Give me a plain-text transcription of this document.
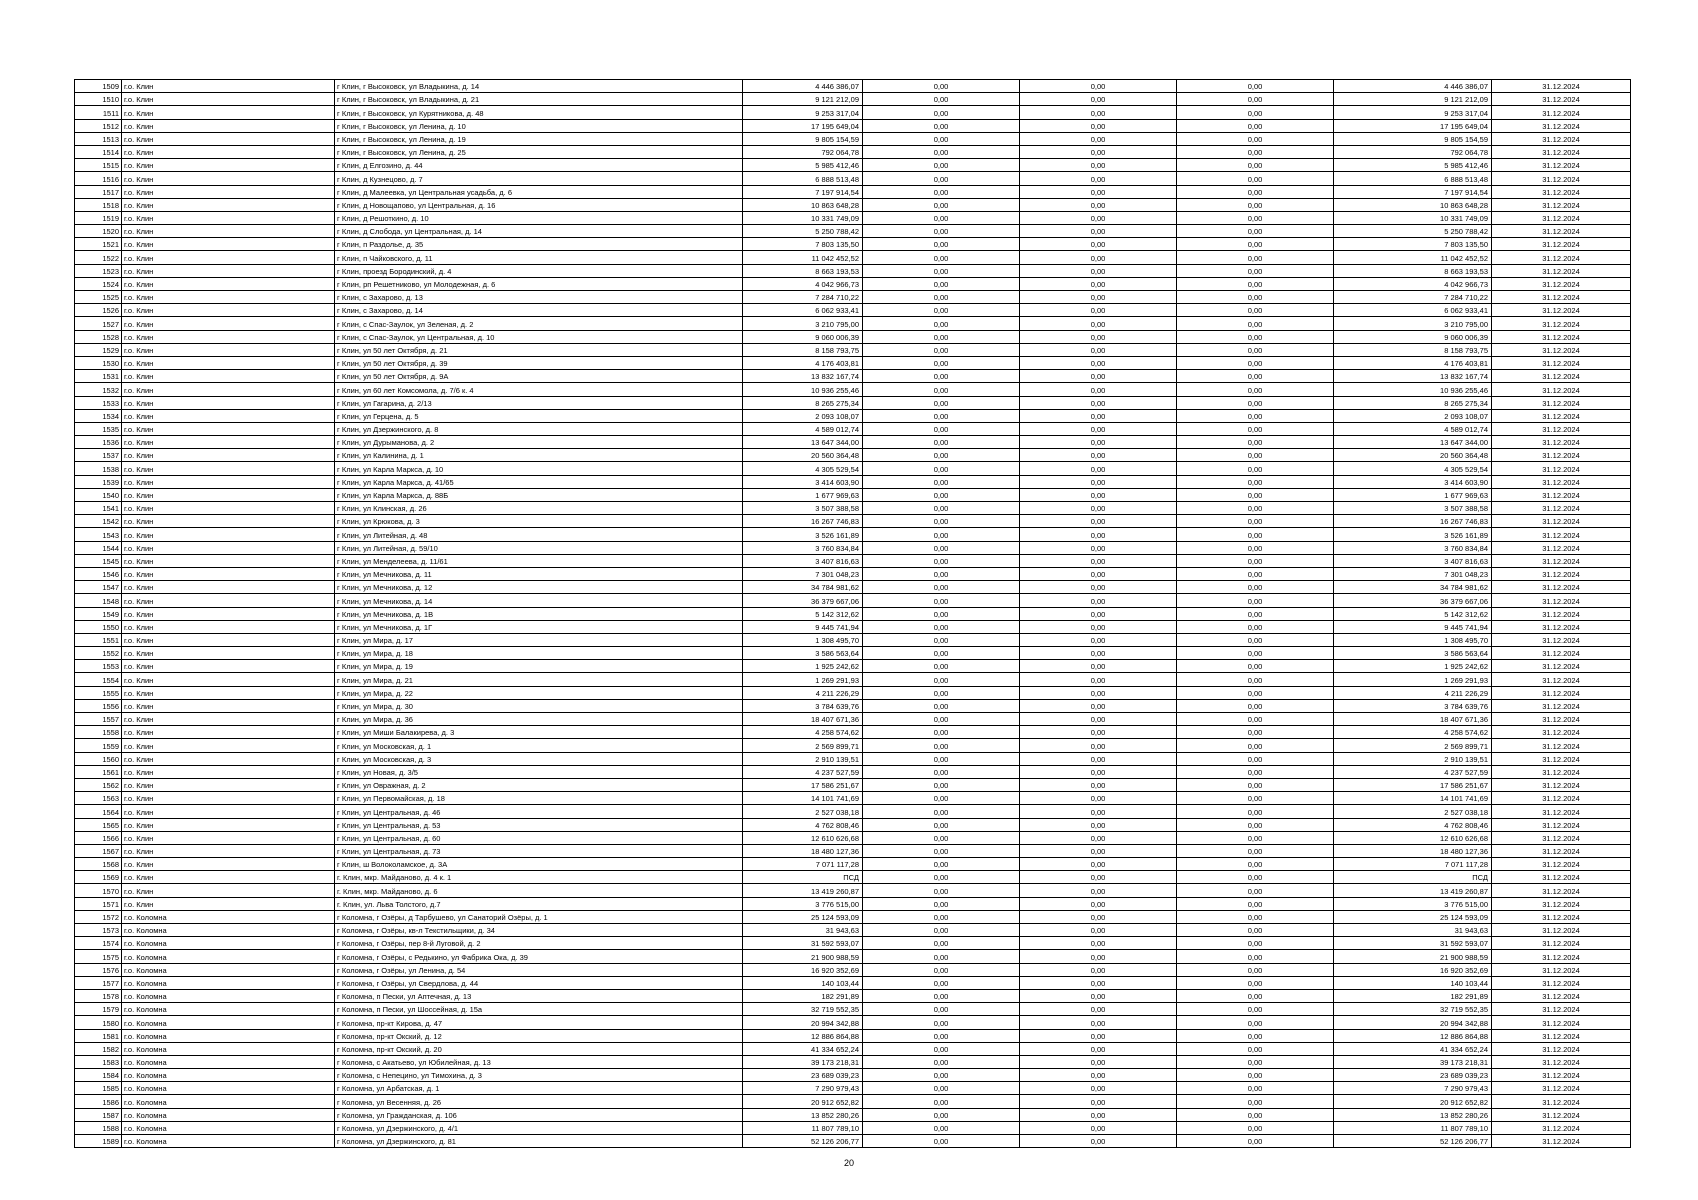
1509	г.о. Клин	г Клин, г Высоковск, ул Владыкина, д. 14	4 446 386,07	0,00	0,00	0,00	4 446 386,07	31.12.2024
1510	г.о. Клин	г Клин, г Высоковск, ул Владыкина, д. 21	9 121 212,09	0,00	0,00	0,00	9 121 212,09	31.12.2024
1511	г.о. Клин	г Клин, г Высоковск, ул Курятникова, д. 48	9 253 317,04	0,00	0,00	0,00	9 253 317,04	31.12.2024
1512	г.о. Клин	г Клин, г Высоковск, ул Ленина, д. 10	17 195 649,04	0,00	0,00	0,00	17 195 649,04	31.12.2024
1513	г.о. Клин	г Клин, г Высоковск, ул Ленина, д. 19	9 805 154,59	0,00	0,00	0,00	9 805 154,59	31.12.2024
1514	г.о. Клин	г Клин, г Высоковск, ул Ленина, д. 25	792 064,78	0,00	0,00	0,00	792 064,78	31.12.2024
1515	г.о. Клин	г Клин, д Елгозино, д. 44	5 985 412,46	0,00	0,00	0,00	5 985 412,46	31.12.2024
1516	г.о. Клин	г Клин, д Кузнецово, д. 7	6 888 513,48	0,00	0,00	0,00	6 888 513,48	31.12.2024
1517	г.о. Клин	г Клин, д Малеевка, ул Центральная усадьба, д. 6	7 197 914,54	0,00	0,00	0,00	7 197 914,54	31.12.2024
1518	г.о. Клин	г Клин, д Новощапово, ул Центральная, д. 16	10 863 648,28	0,00	0,00	0,00	10 863 648,28	31.12.2024
1519	г.о. Клин	г Клин, д Решоткино, д. 10	10 331 749,09	0,00	0,00	0,00	10 331 749,09	31.12.2024
1520	г.о. Клин	г Клин, д Слобода, ул Центральная, д. 14	5 250 788,42	0,00	0,00	0,00	5 250 788,42	31.12.2024
1521	г.о. Клин	г Клин, п Раздолье, д. 35	7 803 135,50	0,00	0,00	0,00	7 803 135,50	31.12.2024
1522	г.о. Клин	г Клин, п Чайковского, д. 11	11 042 452,52	0,00	0,00	0,00	11 042 452,52	31.12.2024
1523	г.о. Клин	г Клин, проезд Бородинский, д. 4	8 663 193,53	0,00	0,00	0,00	8 663 193,53	31.12.2024
1524	г.о. Клин	г Клин, рп Решетниково, ул Молодежная, д. 6	4 042 966,73	0,00	0,00	0,00	4 042 966,73	31.12.2024
1525	г.о. Клин	г Клин, с Захарово, д. 13	7 284 710,22	0,00	0,00	0,00	7 284 710,22	31.12.2024
1526	г.о. Клин	г Клин, с Захарово, д. 14	6 062 933,41	0,00	0,00	0,00	6 062 933,41	31.12.2024
1527	г.о. Клин	г Клин, с Спас-Заулок, ул Зеленая, д. 2	3 210 795,00	0,00	0,00	0,00	3 210 795,00	31.12.2024
1528	г.о. Клин	г Клин, с Спас-Заулок, ул Центральная, д. 10	9 060 006,39	0,00	0,00	0,00	9 060 006,39	31.12.2024
1529	г.о. Клин	г Клин, ул 50 лет Октября, д. 21	8 158 793,75	0,00	0,00	0,00	8 158 793,75	31.12.2024
1530	г.о. Клин	г Клин, ул 50 лет Октября, д. 39	4 176 403,81	0,00	0,00	0,00	4 176 403,81	31.12.2024
1531	г.о. Клин	г Клин, ул 50 лет Октября, д. 9А	13 832 167,74	0,00	0,00	0,00	13 832 167,74	31.12.2024
1532	г.о. Клин	г Клин, ул 60 лет Комсомола, д. 7/6 к. 4	10 936 255,46	0,00	0,00	0,00	10 936 255,46	31.12.2024
1533	г.о. Клин	г Клин, ул Гагарина, д. 2/13	8 265 275,34	0,00	0,00	0,00	8 265 275,34	31.12.2024
1534	г.о. Клин	г Клин, ул Герцена, д. 5	2 093 108,07	0,00	0,00	0,00	2 093 108,07	31.12.2024
1535	г.о. Клин	г Клин, ул Дзержинского, д. 8	4 589 012,74	0,00	0,00	0,00	4 589 012,74	31.12.2024
1536	г.о. Клин	г Клин, ул Дурыманова, д. 2	13 647 344,00	0,00	0,00	0,00	13 647 344,00	31.12.2024
1537	г.о. Клин	г Клин, ул Калинина, д. 1	20 560 364,48	0,00	0,00	0,00	20 560 364,48	31.12.2024
1538	г.о. Клин	г Клин, ул Карла Маркса, д. 10	4 305 529,54	0,00	0,00	0,00	4 305 529,54	31.12.2024
1539	г.о. Клин	г Клин, ул Карла Маркса, д. 41/65	3 414 603,90	0,00	0,00	0,00	3 414 603,90	31.12.2024
1540	г.о. Клин	г Клин, ул Карла Маркса, д. 88Б	1 677 969,63	0,00	0,00	0,00	1 677 969,63	31.12.2024
1541	г.о. Клин	г Клин, ул Клинская, д. 26	3 507 388,58	0,00	0,00	0,00	3 507 388,58	31.12.2024
1542	г.о. Клин	г Клин, ул Крюкова, д. 3	16 267 746,83	0,00	0,00	0,00	16 267 746,83	31.12.2024
1543	г.о. Клин	г Клин, ул Литейная, д. 48	3 526 161,89	0,00	0,00	0,00	3 526 161,89	31.12.2024
1544	г.о. Клин	г Клин, ул Литейная, д. 59/10	3 760 834,84	0,00	0,00	0,00	3 760 834,84	31.12.2024
1545	г.о. Клин	г Клин, ул Менделеева, д. 11/61	3 407 816,63	0,00	0,00	0,00	3 407 816,63	31.12.2024
1546	г.о. Клин	г Клин, ул Мечникова, д. 11	7 301 048,23	0,00	0,00	0,00	7 301 048,23	31.12.2024
1547	г.о. Клин	г Клин, ул Мечникова, д. 12	34 784 981,62	0,00	0,00	0,00	34 784 981,62	31.12.2024
1548	г.о. Клин	г Клин, ул Мечникова, д. 14	36 379 667,06	0,00	0,00	0,00	36 379 667,06	31.12.2024
1549	г.о. Клин	г Клин, ул Мечникова, д. 1В	5 142 312,62	0,00	0,00	0,00	5 142 312,62	31.12.2024
1550	г.о. Клин	г Клин, ул Мечникова, д. 1Г	9 445 741,94	0,00	0,00	0,00	9 445 741,94	31.12.2024
1551	г.о. Клин	г Клин, ул Мира, д. 17	1 308 495,70	0,00	0,00	0,00	1 308 495,70	31.12.2024
1552	г.о. Клин	г Клин, ул Мира, д. 18	3 586 563,64	0,00	0,00	0,00	3 586 563,64	31.12.2024
1553	г.о. Клин	г Клин, ул Мира, д. 19	1 925 242,62	0,00	0,00	0,00	1 925 242,62	31.12.2024
1554	г.о. Клин	г Клин, ул Мира, д. 21	1 269 291,93	0,00	0,00	0,00	1 269 291,93	31.12.2024
1555	г.о. Клин	г Клин, ул Мира, д. 22	4 211 226,29	0,00	0,00	0,00	4 211 226,29	31.12.2024
1556	г.о. Клин	г Клин, ул Мира, д. 30	3 784 639,76	0,00	0,00	0,00	3 784 639,76	31.12.2024
1557	г.о. Клин	г Клин, ул Мира, д. 36	18 407 671,36	0,00	0,00	0,00	18 407 671,36	31.12.2024
1558	г.о. Клин	г Клин, ул Миши Балакирева, д. 3	4 258 574,62	0,00	0,00	0,00	4 258 574,62	31.12.2024
1559	г.о. Клин	г Клин, ул Московская, д. 1	2 569 899,71	0,00	0,00	0,00	2 569 899,71	31.12.2024
1560	г.о. Клин	г Клин, ул Московская, д. 3	2 910 139,51	0,00	0,00	0,00	2 910 139,51	31.12.2024
1561	г.о. Клин	г Клин, ул Новая, д. 3/5	4 237 527,59	0,00	0,00	0,00	4 237 527,59	31.12.2024
1562	г.о. Клин	г Клин, ул Овражная, д. 2	17 586 251,67	0,00	0,00	0,00	17 586 251,67	31.12.2024
1563	г.о. Клин	г Клин, ул Первомайская, д. 18	14 101 741,69	0,00	0,00	0,00	14 101 741,69	31.12.2024
1564	г.о. Клин	г Клин, ул Центральная, д. 46	2 527 038,18	0,00	0,00	0,00	2 527 038,18	31.12.2024
1565	г.о. Клин	г Клин, ул Центральная, д. 53	4 762 808,46	0,00	0,00	0,00	4 762 808,46	31.12.2024
1566	г.о. Клин	г Клин, ул Центральная, д. 60	12 610 626,68	0,00	0,00	0,00	12 610 626,68	31.12.2024
1567	г.о. Клин	г Клин, ул Центральная, д. 73	18 480 127,36	0,00	0,00	0,00	18 480 127,36	31.12.2024
1568	г.о. Клин	г Клин, ш Волоколамское, д. 3А	7 071 117,28	0,00	0,00	0,00	7 071 117,28	31.12.2024
1569	г.о. Клин	г. Клин, мкр. Майданово, д. 4 к. 1	ПСД	0,00	0,00	0,00	ПСД	31.12.2024
1570	г.о. Клин	г. Клин, мкр. Майданово, д. 6	13 419 260,87	0,00	0,00	0,00	13 419 260,87	31.12.2024
1571	г.о. Клин	г. Клин, ул. Льва Толстого, д.7	3 776 515,00	0,00	0,00	0,00	3 776 515,00	31.12.2024
1572	г.о. Коломна	г Коломна, г Озёры, д Тарбушево, ул Санаторий Озёры, д. 1	25 124 593,09	0,00	0,00	0,00	25 124 593,09	31.12.2024
1573	г.о. Коломна	г Коломна, г Озёры, кв-л Текстильщики, д. 34	31 943,63	0,00	0,00	0,00	31 943,63	31.12.2024
1574	г.о. Коломна	г Коломна, г Озёры, пер 8-й Луговой, д. 2	31 592 593,07	0,00	0,00	0,00	31 592 593,07	31.12.2024
1575	г.о. Коломна	г Коломна, г Озёры, с Редькино, ул Фабрика Ока, д. 39	21 900 988,59	0,00	0,00	0,00	21 900 988,59	31.12.2024
1576	г.о. Коломна	г Коломна, г Озёры, ул Ленина, д. 54	16 920 352,69	0,00	0,00	0,00	16 920 352,69	31.12.2024
1577	г.о. Коломна	г Коломна, г Озёры, ул Свердлова, д. 44	140 103,44	0,00	0,00	0,00	140 103,44	31.12.2024
1578	г.о. Коломна	г Коломна, п Пески, ул Аптечная, д. 13	182 291,89	0,00	0,00	0,00	182 291,89	31.12.2024
1579	г.о. Коломна	г Коломна, п Пески, ул Шоссейная, д. 15а	32 719 552,35	0,00	0,00	0,00	32 719 552,35	31.12.2024
1580	г.о. Коломна	г Коломна, пр-кт Кирова, д. 47	20 994 342,88	0,00	0,00	0,00	20 994 342,88	31.12.2024
1581	г.о. Коломна	г Коломна, пр-кт Окский, д. 12	12 886 864,88	0,00	0,00	0,00	12 886 864,88	31.12.2024
1582	г.о. Коломна	г Коломна, пр-кт Окский, д. 20	41 334 652,24	0,00	0,00	0,00	41 334 652,24	31.12.2024
1583	г.о. Коломна	г Коломна, с Акатьево, ул Юбилейная, д. 13	39 173 218,31	0,00	0,00	0,00	39 173 218,31	31.12.2024
1584	г.о. Коломна	г Коломна, с Непецино, ул Тимохина, д. 3	23 689 039,23	0,00	0,00	0,00	23 689 039,23	31.12.2024
1585	г.о. Коломна	г Коломна, ул Арбатская, д. 1	7 290 979,43	0,00	0,00	0,00	7 290 979,43	31.12.2024
1586	г.о. Коломна	г Коломна, ул Весенняя, д. 26	20 912 652,82	0,00	0,00	0,00	20 912 652,82	31.12.2024
1587	г.о. Коломна	г Коломна, ул Гражданская, д. 106	13 852 280,26	0,00	0,00	0,00	13 852 280,26	31.12.2024
1588	г.о. Коломна	г Коломна, ул Дзержинского, д. 4/1	11 807 789,10	0,00	0,00	0,00	11 807 789,10	31.12.2024
1589	г.о. Коломна	г Коломна, ул Дзержинского, д. 81	52 126 206,77	0,00	0,00	0,00	52 126 206,77	31.12.2024
20
